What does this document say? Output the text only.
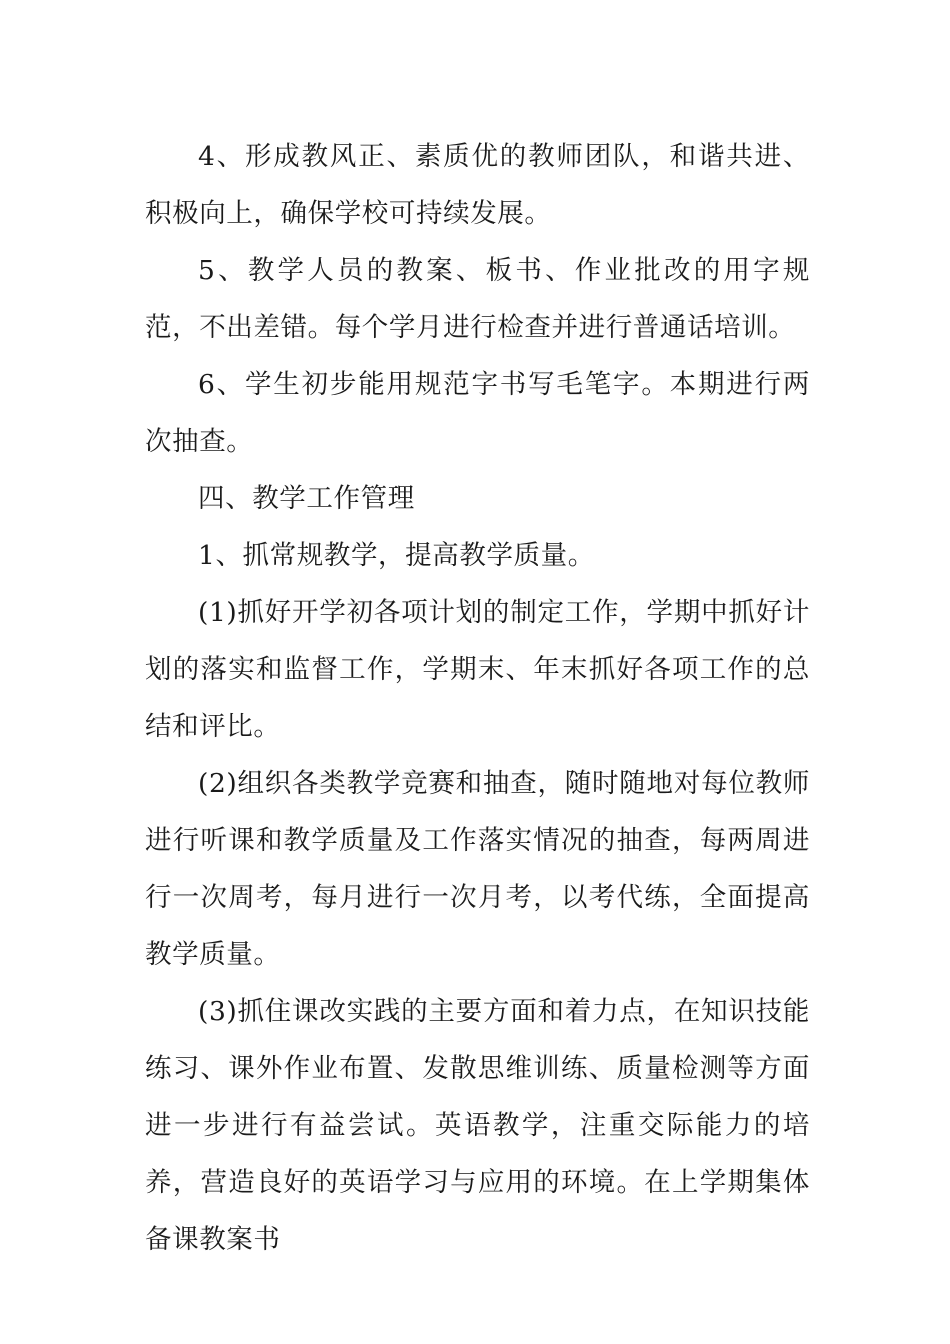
4、形成教风正、素质优的教师团队，和谐共进、积极向上，确保学校可持续发展。

5、教学人员的教案、板书、作业批改的用字规范，不出差错。每个学月进行检查并进行普通话培训。

6、学生初步能用规范字书写毛笔字。本期进行两次抽查。

四、教学工作管理

1、抓常规教学，提高教学质量。

(1)抓好开学初各项计划的制定工作，学期中抓好计划的落实和监督工作，学期末、年末抓好各项工作的总结和评比。

(2)组织各类教学竞赛和抽查，随时随地对每位教师进行听课和教学质量及工作落实情况的抽查，每两周进行一次周考，每月进行一次月考，以考代练，全面提高教学质量。

(3)抓住课改实践的主要方面和着力点，在知识技能练习、课外作业布置、发散思维训练、质量检测等方面进一步进行有益尝试。英语教学，注重交际能力的培养，营造良好的英语学习与应用的环境。在上学期集体备课教案书
